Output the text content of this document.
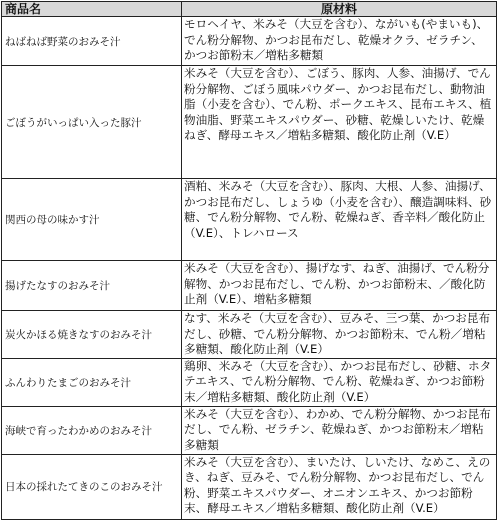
商品名	原材料
ねばねば野菜のおみそ汁	モロヘイヤ、米みそ（大豆を含む）、ながいも(やまいも)、でん粉分解物、かつお昆布だし、乾燥オクラ、ゼラチン、かつお節粉末／増粘多糖類
ごぼうがいっぱい入った豚汁	米みそ（大豆を含む）、ごぼう、豚肉、人参、油揚げ、でん粉分解物、ごぼう風味パウダー、かつお昆布だし、動物油脂（小麦を含む）、でん粉、ポークエキス、昆布エキス、植物油脂、野菜エキスパウダー、砂糖、乾燥しいたけ、乾燥ねぎ、酵母エキス／増粘多糖類、酸化防止剤（V.E）
関西の母の味かす汁	酒粕、米みそ（大豆を含む）、豚肉、大根、人参、油揚げ、かつお昆布だし、しょうゆ（小麦を含む）、醸造調味料、砂糖、でん粉分解物、でん粉、乾燥ねぎ、香辛料／酸化防止（V.E）、トレハロース
揚げたなすのおみそ汁	米みそ（大豆を含む）、揚げなす、ねぎ、油揚げ、でん粉分解物、かつお昆布だし、でん粉、かつお節粉末、／酸化防止剤（V.E）、増粘多糖類
炭火かほる焼きなすのおみそ汁	なす、米みそ（大豆を含む）、豆みそ、三つ葉、かつお昆布だし、砂糖、でん粉分解物、かつお節粉末、でん粉／増粘多糖類、酸化防止剤（V.E）
ふんわりたまごのおみそ汁	鶏卵、米みそ（大豆を含む）、かつお昆布だし、砂糖、ホタテエキス、でん粉分解物、でん粉、乾燥ねぎ、かつお節粉末／増粘多糖類、酸化防止剤（V.E）
海峡で育ったわかめのおみそ汁	米みそ（大豆を含む）、わかめ、でん粉分解物、かつお昆布だし、でん粉、ゼラチン、乾燥ねぎ、かつお節粉末／増粘多糖類
日本の採れたてきのこのおみそ汁	米みそ（大豆を含む）、まいたけ、しいたけ、なめこ、えのき、ねぎ、豆みそ、でん粉分解物、かつお昆布だし、でん粉、野菜エキスパウダー、オニオンエキス、かつお節粉末、酵母エキス／増粘多糖類、酸化防止剤（V.E）
